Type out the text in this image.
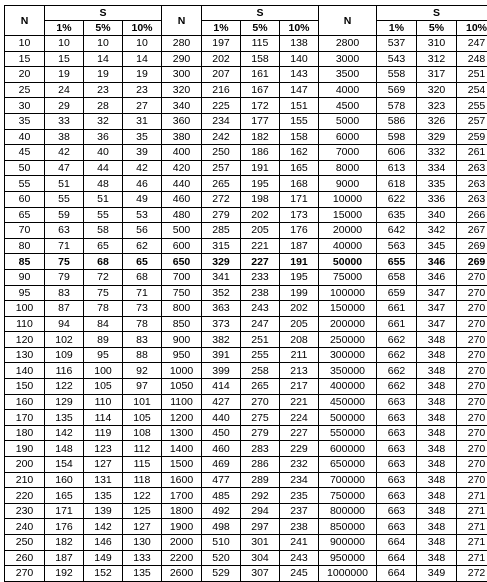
N	S			N	S			N	S		
	1%	5%	10%		1%	5%	10%		1%	5%	10%
10	10	10	10	280	197	115	138	2800	537	310	247
15	15	14	14	290	202	158	140	3000	543	312	248
20	19	19	19	300	207	161	143	3500	558	317	251
25	24	23	23	320	216	167	147	4000	569	320	254
30	29	28	27	340	225	172	151	4500	578	323	255
35	33	32	31	360	234	177	155	5000	586	326	257
40	38	36	35	380	242	182	158	6000	598	329	259
45	42	40	39	400	250	186	162	7000	606	332	261
50	47	44	42	420	257	191	165	8000	613	334	263
55	51	48	46	440	265	195	168	9000	618	335	263
60	55	51	49	460	272	198	171	10000	622	336	263
65	59	55	53	480	279	202	173	15000	635	340	266
70	63	58	56	500	285	205	176	20000	642	342	267
80	71	65	62	600	315	221	187	40000	563	345	269
85	75	68	65	650	329	227	191	50000	655	346	269
90	79	72	68	700	341	233	195	75000	658	346	270
95	83	75	71	750	352	238	199	100000	659	347	270
100	87	78	73	800	363	243	202	150000	661	347	270
110	94	84	78	850	373	247	205	200000	661	347	270
120	102	89	83	900	382	251	208	250000	662	348	270
130	109	95	88	950	391	255	211	300000	662	348	270
140	116	100	92	1000	399	258	213	350000	662	348	270
150	122	105	97	1050	414	265	217	400000	662	348	270
160	129	110	101	1100	427	270	221	450000	663	348	270
170	135	114	105	1200	440	275	224	500000	663	348	270
180	142	119	108	1300	450	279	227	550000	663	348	270
190	148	123	112	1400	460	283	229	600000	663	348	270
200	154	127	115	1500	469	286	232	650000	663	348	270
210	160	131	118	1600	477	289	234	700000	663	348	270
220	165	135	122	1700	485	292	235	750000	663	348	271
230	171	139	125	1800	492	294	237	800000	663	348	271
240	176	142	127	1900	498	297	238	850000	663	348	271
250	182	146	130	2000	510	301	241	900000	664	348	271
260	187	149	133	2200	520	304	243	950000	664	348	271
270	192	152	135	2600	529	307	245	1000000	664	349	272
